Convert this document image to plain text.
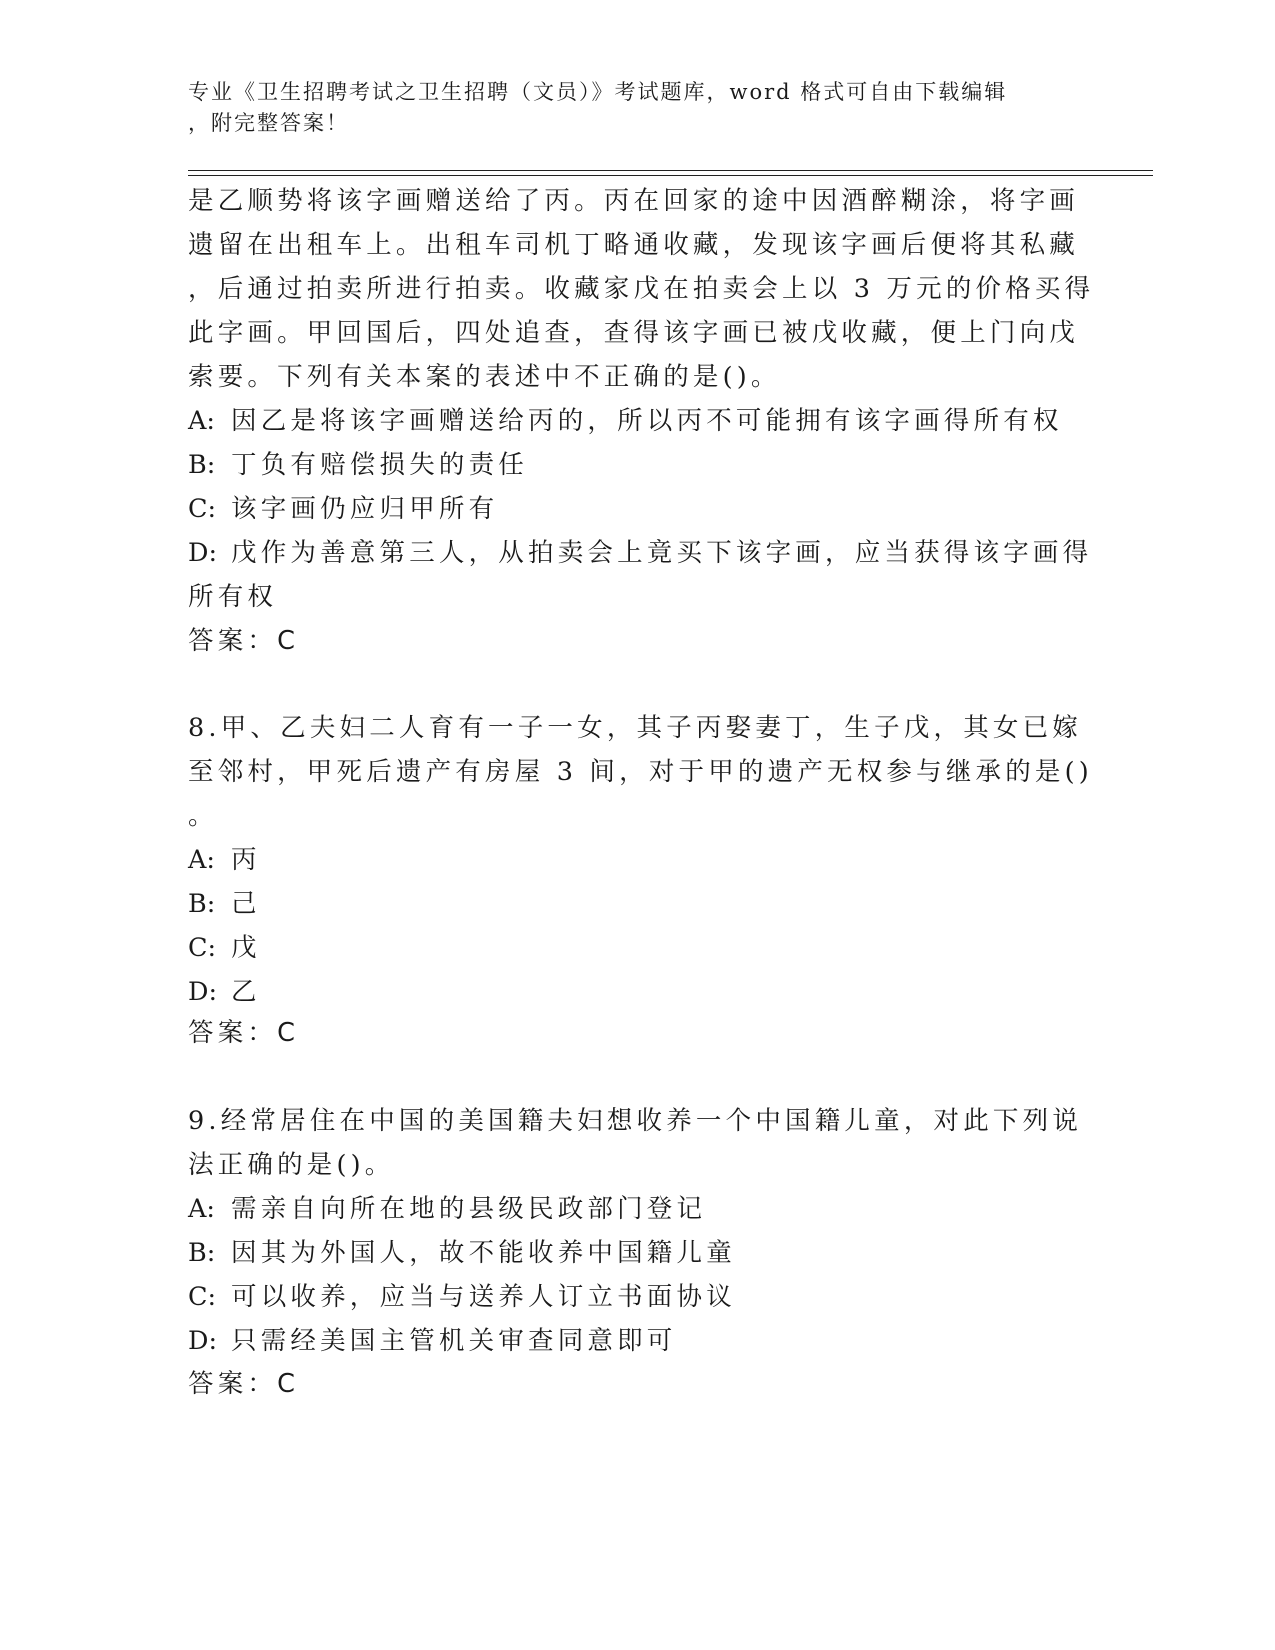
专业《卫生招聘考试之卫生招聘（文员）》考试题库，word 格式可自由下载编辑
，附完整答案！
是乙顺势将该字画赠送给了丙。丙在回家的途中因酒醉糊涂，将字画
遗留在出租车上。出租车司机丁略通收藏，发现该字画后便将其私藏
，后通过拍卖所进行拍卖。收藏家戊在拍卖会上以 3 万元的价格买得
此字画。甲回国后，四处追查，查得该字画已被戊收藏，便上门向戊
索要。下列有关本案的表述中不正确的是()。
A: 因乙是将该字画赠送给丙的，所以丙不可能拥有该字画得所有权
B: 丁负有赔偿损失的责任
C: 该字画仍应归甲所有
D: 戊作为善意第三人，从拍卖会上竟买下该字画，应当获得该字画得
所有权
答案：C
8.甲、乙夫妇二人育有一子一女，其子丙娶妻丁，生子戊，其女已嫁
至邻村，甲死后遗产有房屋 3 间，对于甲的遗产无权参与继承的是()
。
A: 丙
B: 己
C: 戊
D: 乙
答案：C
9.经常居住在中国的美国籍夫妇想收养一个中国籍儿童，对此下列说
法正确的是()。
A: 需亲自向所在地的县级民政部门登记
B: 因其为外国人，故不能收养中国籍儿童
C: 可以收养，应当与送养人订立书面协议
D: 只需经美国主管机关审查同意即可
答案：C
